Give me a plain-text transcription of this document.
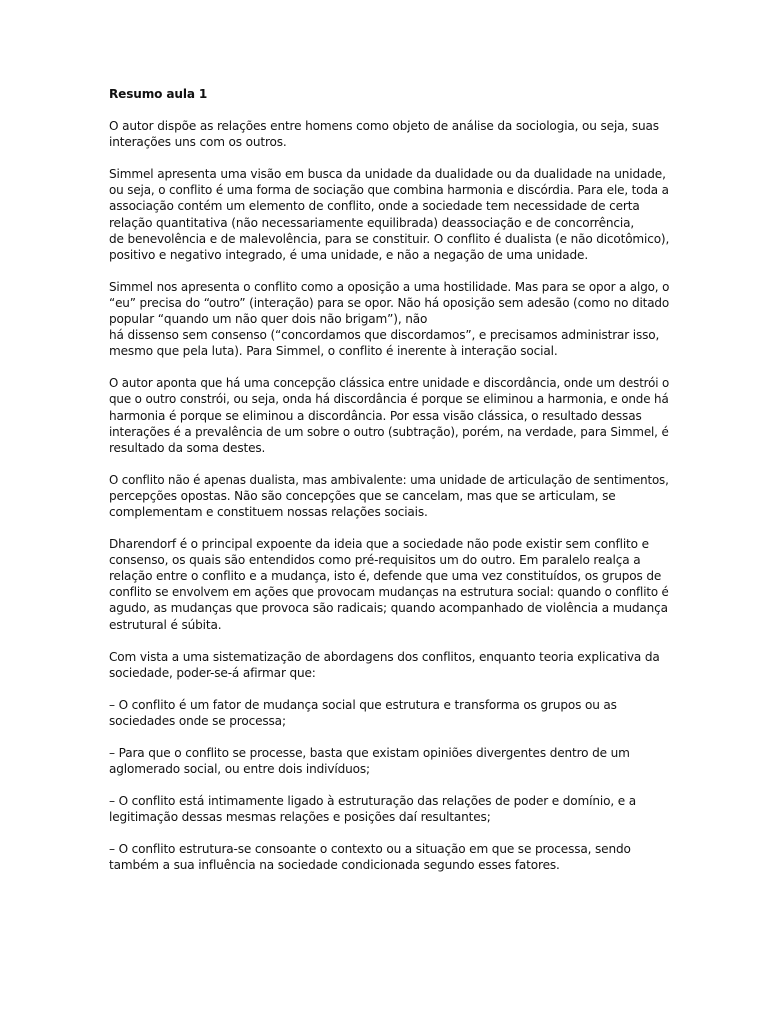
Resumo aula 1
O autor dispõe as relações entre homens como objeto de análise da sociologia, ou seja, suas
interações uns com os outros.
Simmel apresenta uma visão em busca da unidade da dualidade ou da dualidade na unidade,
ou seja, o conflito é uma forma de sociação que combina harmonia e discórdia. Para ele, toda a
associação contém um elemento de conflito, onde a sociedade tem necessidade de certa
relação quantitativa (não necessariamente equilibrada) deassociação e de concorrência,
de benevolência e de malevolência, para se constituir. O conflito é dualista (e não dicotômico),
positivo e negativo integrado, é uma unidade, e não a negação de uma unidade.
Simmel nos apresenta o conflito como a oposição a uma hostilidade. Mas para se opor a algo, o
“eu” precisa do “outro” (interação) para se opor. Não há oposição sem adesão (como no ditado
popular “quando um não quer dois não brigam”), não
há dissenso sem consenso (“concordamos que discordamos”, e precisamos administrar isso,
mesmo que pela luta). Para Simmel, o conflito é inerente à interação social.
O autor aponta que há uma concepção clássica entre unidade e discordância, onde um destrói o
que o outro constrói, ou seja, onda há discordância é porque se eliminou a harmonia, e onde há
harmonia é porque se eliminou a discordância. Por essa visão clássica, o resultado dessas
interações é a prevalência de um sobre o outro (subtração), porém, na verdade, para Simmel, é
resultado da soma destes.
O conflito não é apenas dualista, mas ambivalente: uma unidade de articulação de sentimentos,
percepções opostas. Não são concepções que se cancelam, mas que se articulam, se
complementam e constituem nossas relações sociais.
Dharendorf é o principal expoente da ideia que a sociedade não pode existir sem conflito e
consenso, os quais são entendidos como pré-requisitos um do outro. Em paralelo realça a
relação entre o conflito e a mudança, isto é, defende que uma vez constituídos, os grupos de
conflito se envolvem em ações que provocam mudanças na estrutura social: quando o conflito é
agudo, as mudanças que provoca são radicais; quando acompanhado de violência a mudança
estrutural é súbita.
Com vista a uma sistematização de abordagens dos conflitos, enquanto teoria explicativa da
sociedade, poder-se-á afirmar que:
– O conflito é um fator de mudança social que estrutura e transforma os grupos ou as
sociedades onde se processa;
– Para que o conflito se processe, basta que existam opiniões divergentes dentro de um
aglomerado social, ou entre dois indivíduos;
– O conflito está intimamente ligado à estruturação das relações de poder e domínio, e a
legitimação dessas mesmas relações e posições daí resultantes;
– O conflito estrutura-se consoante o contexto ou a situação em que se processa, sendo
também a sua influência na sociedade condicionada segundo esses fatores.
